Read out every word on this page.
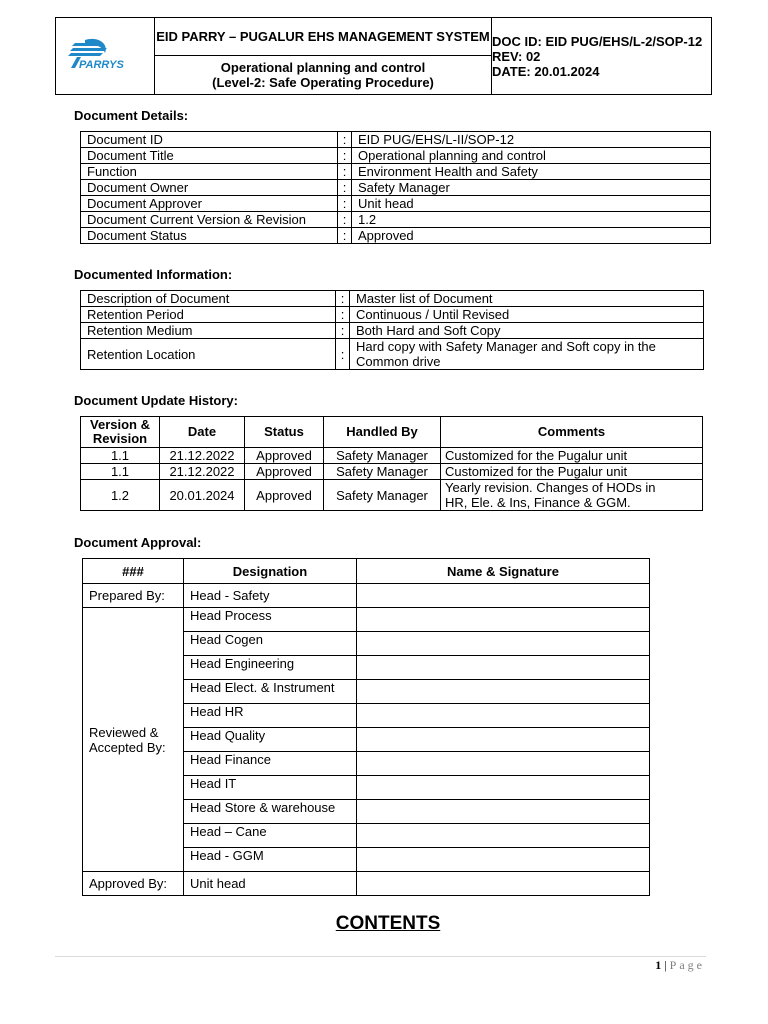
PARRYS
	EID PARRY – PUGALUR EHS MANAGEMENT SYSTEM	DOC ID: EID PUG/EHS/L-2/SOP-12
REV: 02
DATE: 20.01.2024

Operational planning and control
(Level-2: Safe Operating Procedure)
Document Details:
Document ID	:	EID PUG/EHS/L-II/SOP-12

Document Title	:	Operational planning and control

Function	:	Environment Health and Safety

Document Owner	:	Safety Manager

Document Approver	:	Unit head

Document Current Version & Revision	:	1.2

Document Status	:	Approved
Documented Information:
Description of Document	:	Master list of Document

Retention Period	:	Continuous / Until Revised

Retention Medium	:	Both Hard and Soft Copy

Retention Location	:	Hard copy with Safety Manager and Soft copy in the
Common drive
Document Update History:
Version & Revision	Date	Status	Handled By	Comments
1.1	21.12.2022	Approved	Safety Manager	Customized for the Pugalur unit

1.1	21.12.2022	Approved	Safety Manager	Customized for the Pugalur unit

1.2	20.01.2024	Approved	Safety Manager	Yearly revision. Changes of HODs in
HR, Ele. & Ins, Finance & GGM.
Document Approval:
###	Designation	Name & Signature
Prepared By:	Head - Safety	

Reviewed &
Accepted By:	Head Process	
	Head Cogen	
	Head Engineering	
	Head Elect. & Instrument	
	Head HR	
	Head Quality	
	Head Finance	
	Head IT	
	Head Store & warehouse	
	Head – Cane	
	Head - GGM	
Approved By:	Unit head	
CONTENTS
1 | Page
